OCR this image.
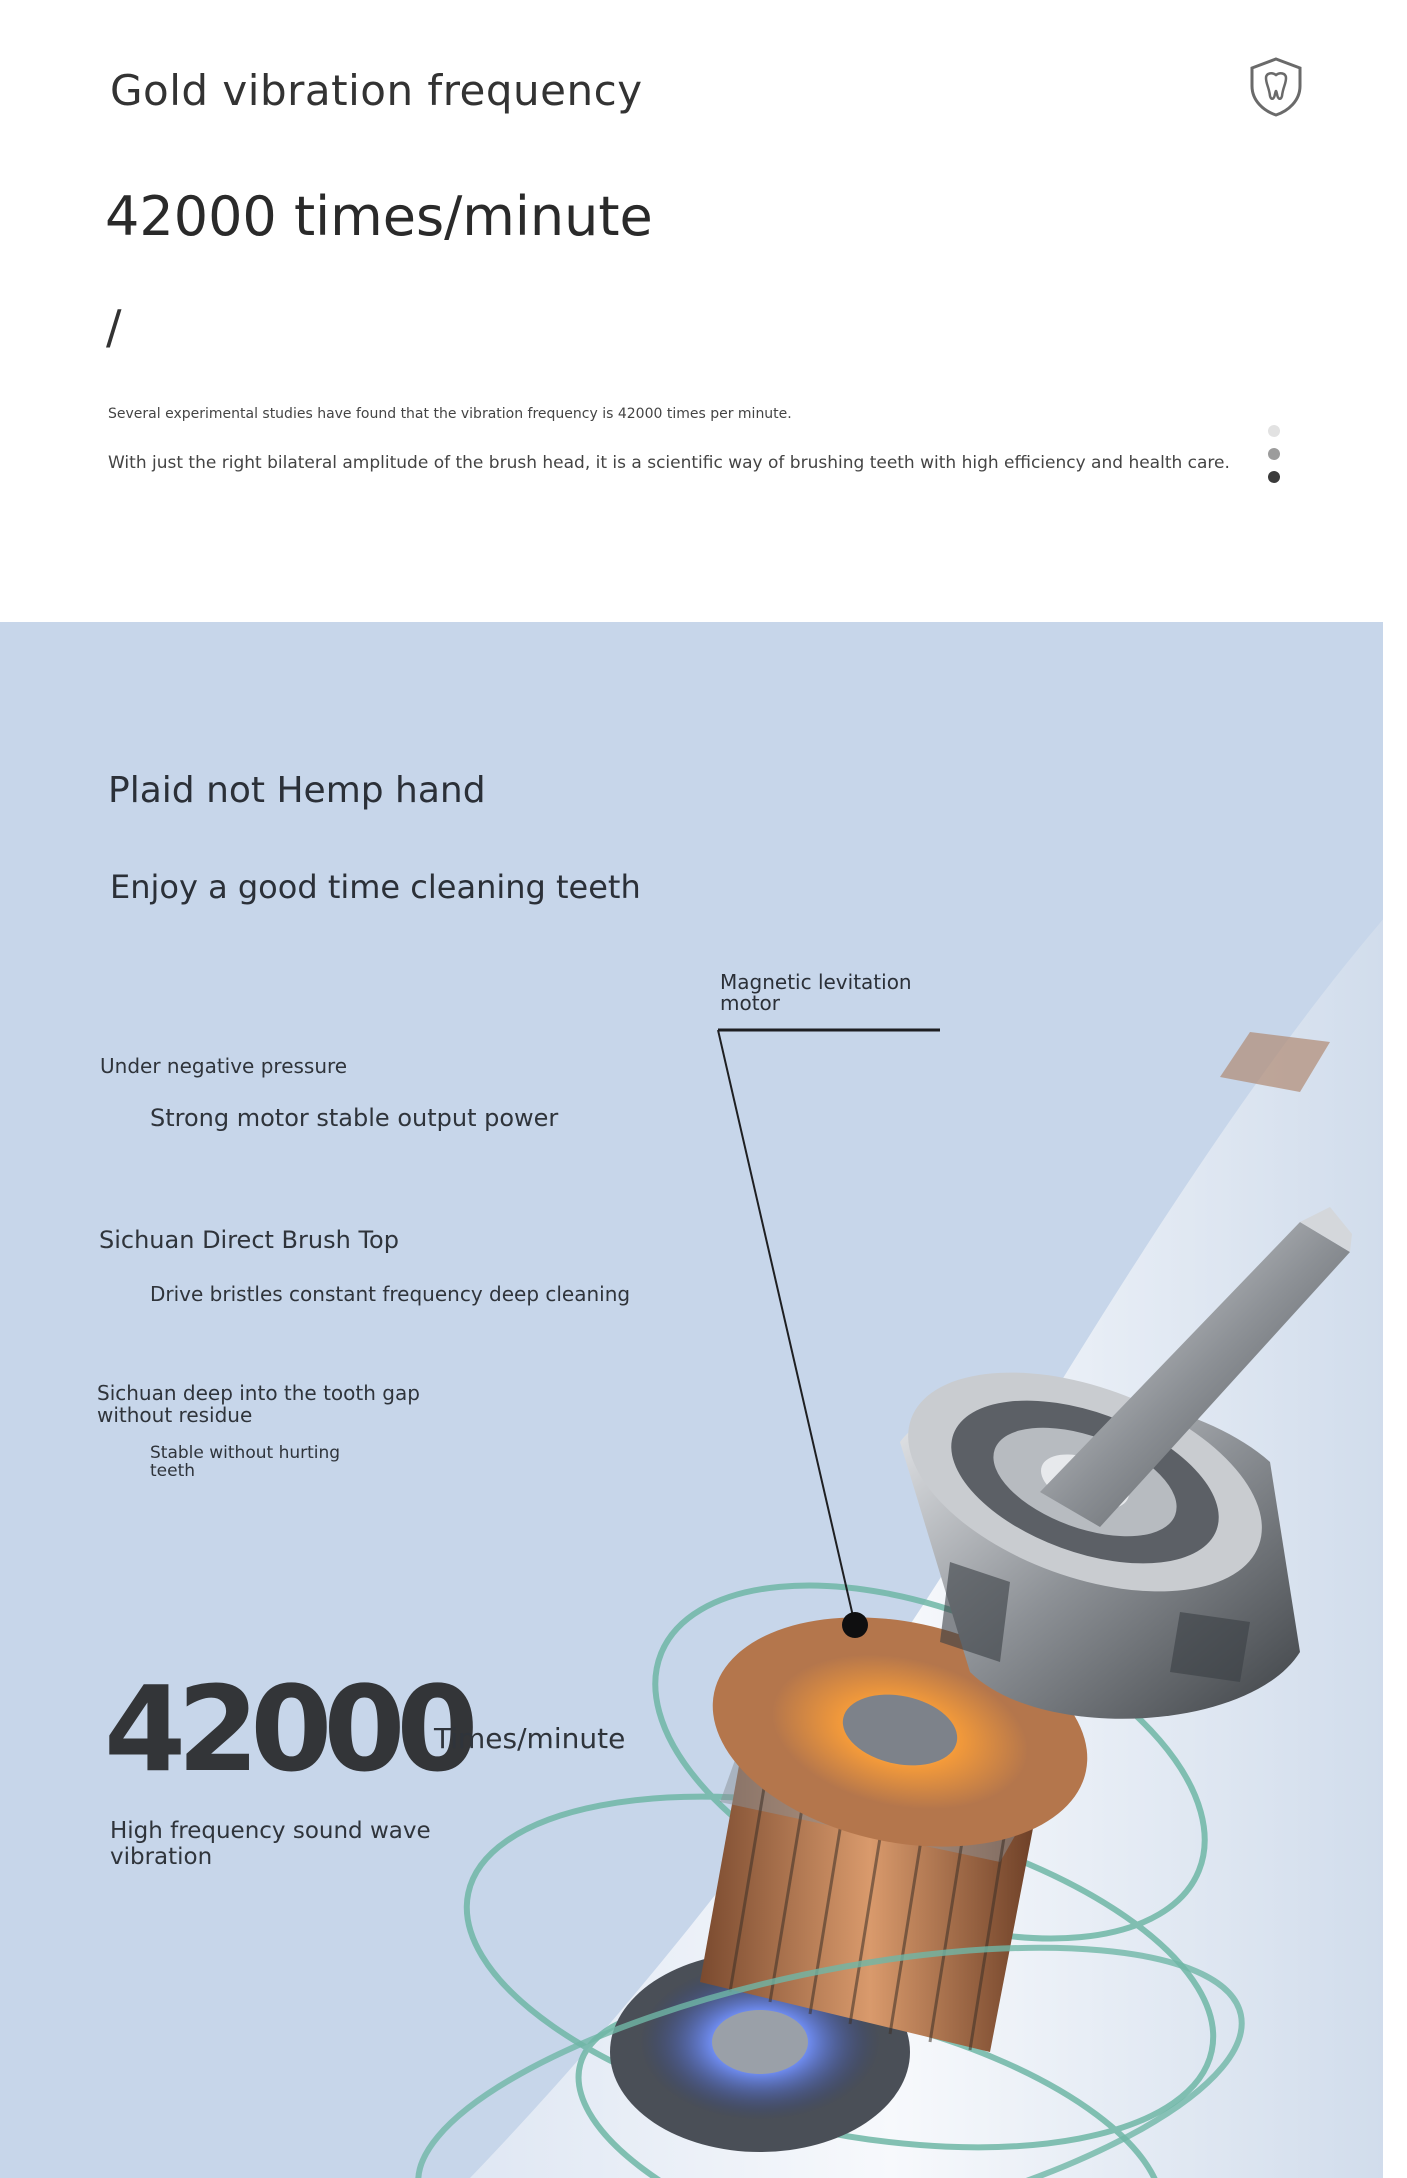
Gold vibration frequency
42000 times/minute
/
Several experimental studies have found that the vibration frequency is 42000 times per minute.
With just the right bilateral amplitude of the brush head, it is a scientific way of brushing teeth with high efficiency and health care.
Plaid not Hemp hand
Enjoy a good time cleaning teeth
Magnetic levitation motor
Under negative pressure
Strong motor stable output power
Sichuan Direct Brush Top
Drive bristles constant frequency deep cleaning
Sichuan deep into the tooth gap without residue
Stable without hurting teeth
42000
Times/minute
High frequency sound wave vibration
